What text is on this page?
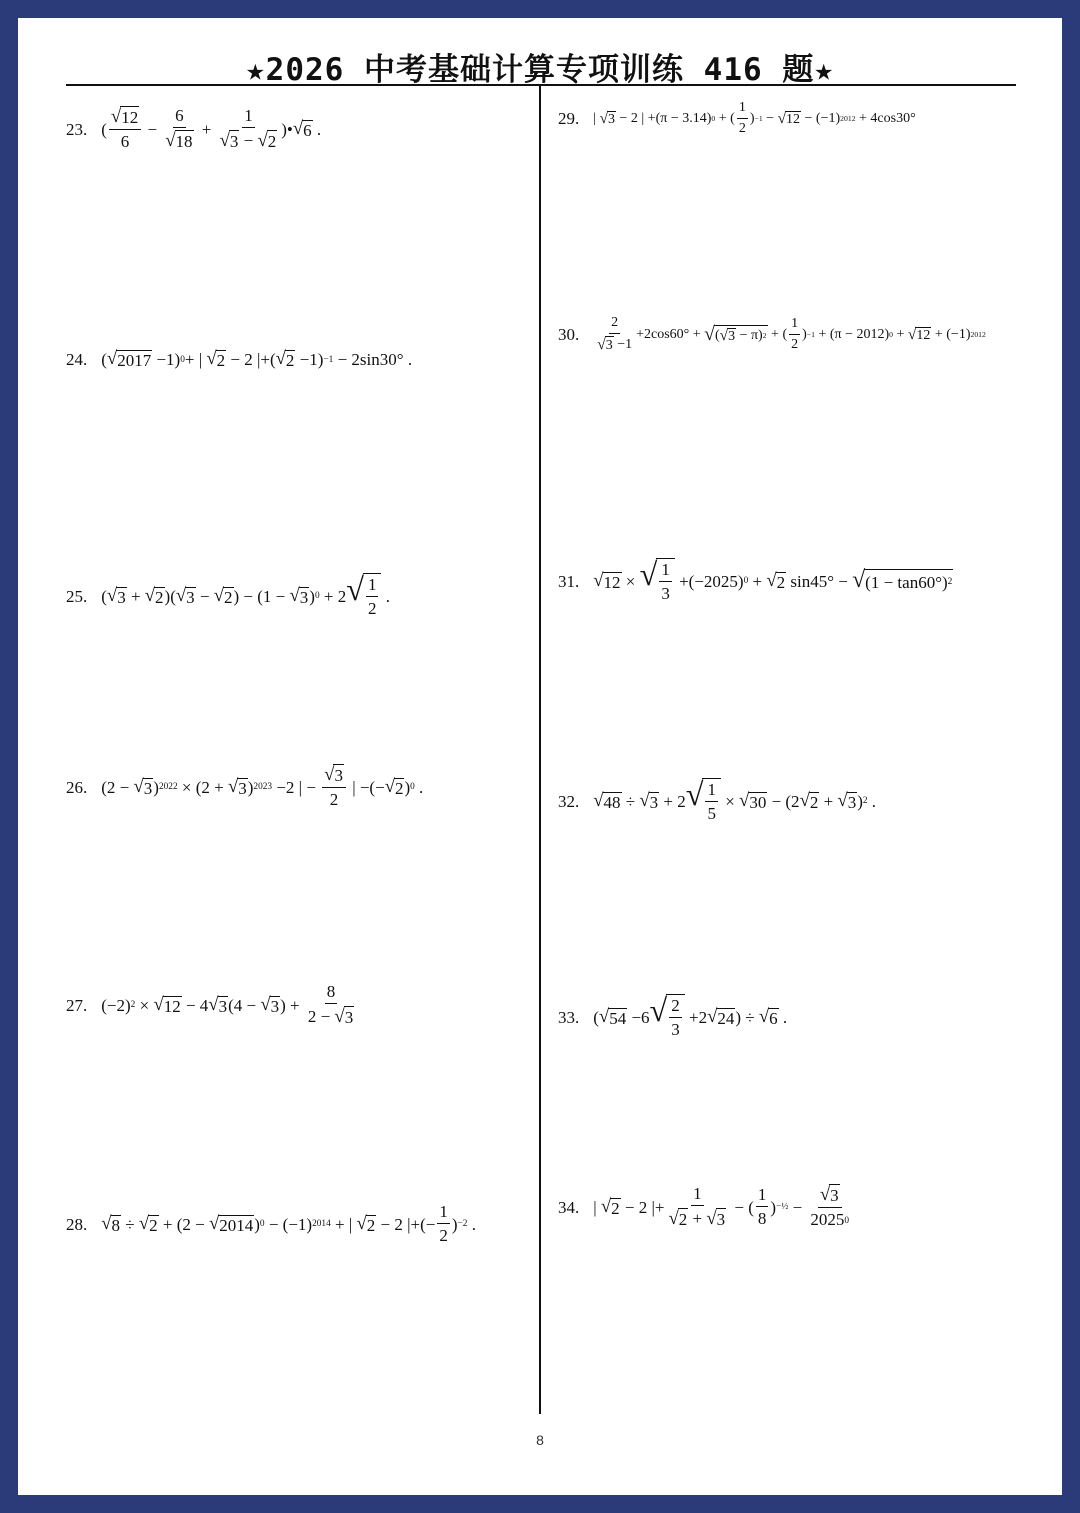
★2026 中考基础计算专项训练 416 题★
23. ( $\frac{√ 12}{6} - \frac{6}{√ 18} + \frac{1}{√ 3 - √ 2}$ )• √ 6 .
24. ( √ 2017 −1) 0 + | √ 2 − 2 |+( √ 2 −1) −1 − 2sin30° .
25. ( √ 3 + √ 2 )( √ 3 − √ 2 ) − (1 − √ 3 ) 0 + 2 √ $\frac{1}{2}$ .
26. (2 − √ 3 ) 2022 × (2 + √ 3 ) 2023 −2 | − $\frac{√ 3}{2}$ | −(− √ 2 ) 0 .
27. (−2) 2 × √ 12 − 4 √ 3 (4 − √ 3 ) + $\frac{8}{2 - √ 3}$
28. √ 8 ÷ √ 2 + (2 − √ 2014 ) 0 − (−1) 2014 + | √ 2 − 2 |+(− $\frac{1}{2}$ ) −2 .
29. | √ 3 − 2 | +(π − 3.14) 0 + ( $\frac{1}{2}$ ) −1 − √ 12 − (−1) 2012 + 4cos30°
30. $\frac{2}{√ 3 -1} +2\cos 60^\circ$ + √ ( √ 3 − π) 2 + ( $\frac{1}{2}$ ) −1 + (π − 2012) 0 + √ 12 + (−1) 2012
31. √ 12 × √ $\frac{1}{3} +(-2025) 0$ + √ 2 sin45° − √ (1 − tan60°) 2
32. √ 48 ÷ √ 3 + 2 √ $\frac{1}{5}$ × √ 30 − (2 √ 2 + √ 3 ) 2 .
33. ( √ 54 −6 √ $\frac{2}{3} +2$ √ 24 ) ÷ √ 6 .
34. | √ 2 − 2 |+ $\frac{1}{√ 2 + √ 3}$ − ( $\frac{1}{8}$ ) −½ − $\frac{√ 3}{2025 0}$
8
